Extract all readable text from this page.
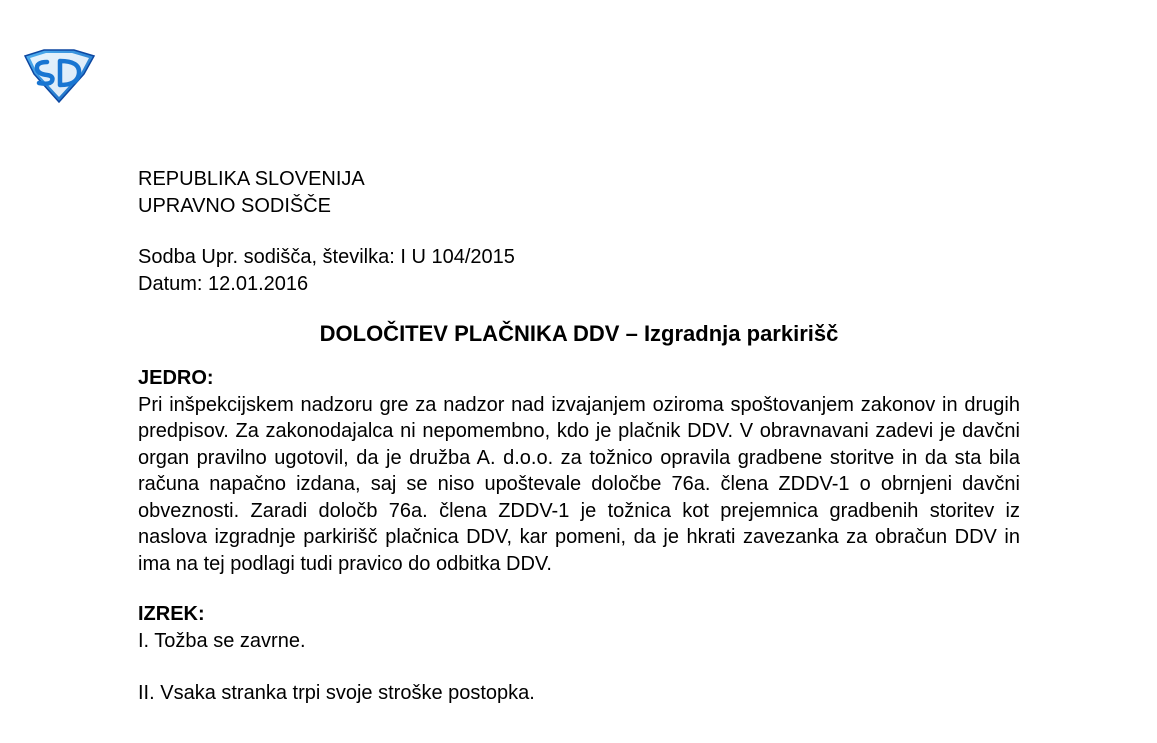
REPUBLIKA SLOVENIJA
UPRAVNO SODIŠČE
Sodba Upr. sodišča, številka: I U 104/2015
Datum: 12.01.2016
DOLOČITEV PLAČNIKA DDV – Izgradnja parkirišč
JEDRO:
Pri inšpekcijskem nadzoru gre za nadzor nad izvajanjem oziroma spoštovanjem zakonov in drugih predpisov. Za zakonodajalca ni nepomembno, kdo je plačnik DDV. V obravnavani zadevi je davčni organ pravilno ugotovil, da je družba A. d.o.o. za tožnico opravila gradbene storitve in da sta bila računa napačno izdana, saj se niso upoštevale določbe 76a. člena ZDDV-1 o obrnjeni davčni obveznosti. Zaradi določb 76a. člena ZDDV-1 je tožnica kot prejemnica gradbenih storitev iz naslova izgradnje parkirišč plačnica DDV, kar pomeni, da je hkrati zavezanka za obračun DDV in ima na tej podlagi tudi pravico do odbitka DDV.
IZREK:
I. Tožba se zavrne.
II. Vsaka stranka trpi svoje stroške postopka.
